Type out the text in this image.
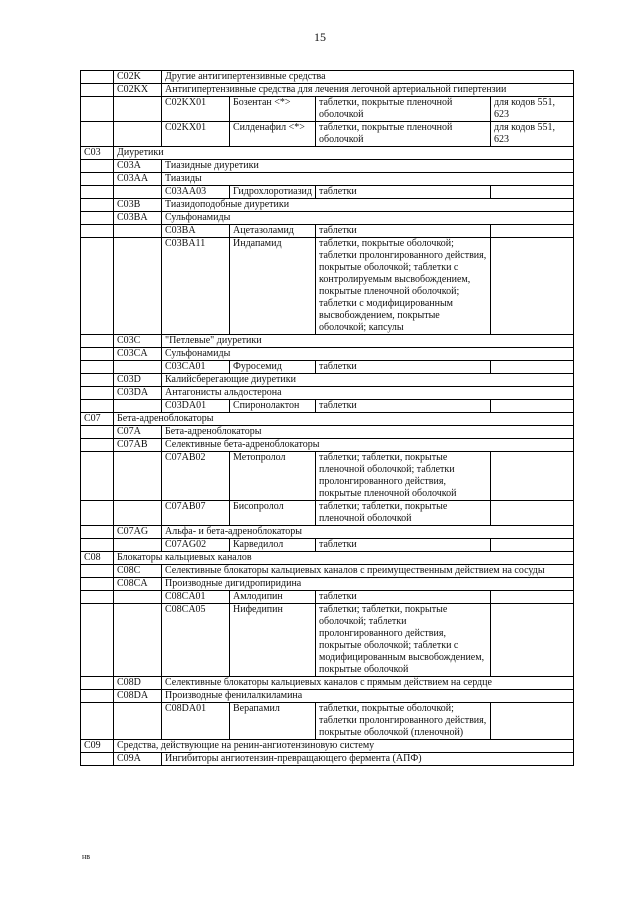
15
	C02K	Другие антигипертензивные средства			
	C02KX	Антигипертензивные средства для лечения легочной артериальной гипертензии			
		C02KX01	Бозентан <*>	таблетки, покрытые пленочной оболочкой	для кодов 551, 623
		C02KX01	Силденафил <*>	таблетки, покрытые пленочной оболочкой	для кодов 551, 623
C03	Диуретики				
	C03A	Тиазидные диуретики			
	C03AA	Тиазиды			
		C03AA03	Гидрохлоротиазид	таблетки	
	C03B	Тиазидоподобные диуретики			
	C03BA	Сульфонамиды			
		C03BA	Ацетазоламид	таблетки	
		C03BA11	Индапамид	таблетки, покрытые оболочкой; таблетки пролонгированного действия, покрытые оболочкой; таблетки с контролируемым высвобождением, покрытые пленочной оболочкой; таблетки с модифицированным высвобождением, покрытые оболочкой; капсулы	
	C03C	"Петлевые" диуретики			
	C03CA	Сульфонамиды			
		C03CA01	Фуросемид	таблетки	
	C03D	Калийсберегающие диуретики			
	C03DA	Антагонисты альдостерона			
		C03DA01	Спиронолактон	таблетки	
C07	Бета-адреноблокаторы				
	C07A	Бета-адреноблокаторы			
	C07AB	Селективные бета-адреноблокаторы			
		C07AB02	Метопролол	таблетки; таблетки, покрытые пленочной оболочкой; таблетки пролонгированного действия, покрытые пленочной оболочкой	
		C07AB07	Бисопролол	таблетки; таблетки, покрытые пленочной оболочкой	
	C07AG	Альфа- и бета-адреноблокаторы			
		C07AG02	Карведилол	таблетки	
C08	Блокаторы кальциевых каналов				
	C08C	Селективные блокаторы кальциевых каналов с преимущественным действием на сосуды			
	C08CA	Производные дигидропиридина			
		C08CA01	Амлодипин	таблетки	
		C08CA05	Нифедипин	таблетки; таблетки, покрытые оболочкой; таблетки пролонгированного действия, покрытые оболочкой; таблетки с модифицированным высвобождением, покрытые оболочкой	
	C08D	Селективные блокаторы кальциевых каналов с прямым действием на сердце			
	C08DA	Производные фенилалкиламина			
		C08DA01	Верапамил	таблетки, покрытые оболочкой; таблетки пролонгированного действия, покрытые оболочкой (пленочной)	
C09	Средства, действующие на ренин-ангиотензиновую систему				
	C09A	Ингибиторы ангиотензин-превращающего фермента (АПФ)			
нв
